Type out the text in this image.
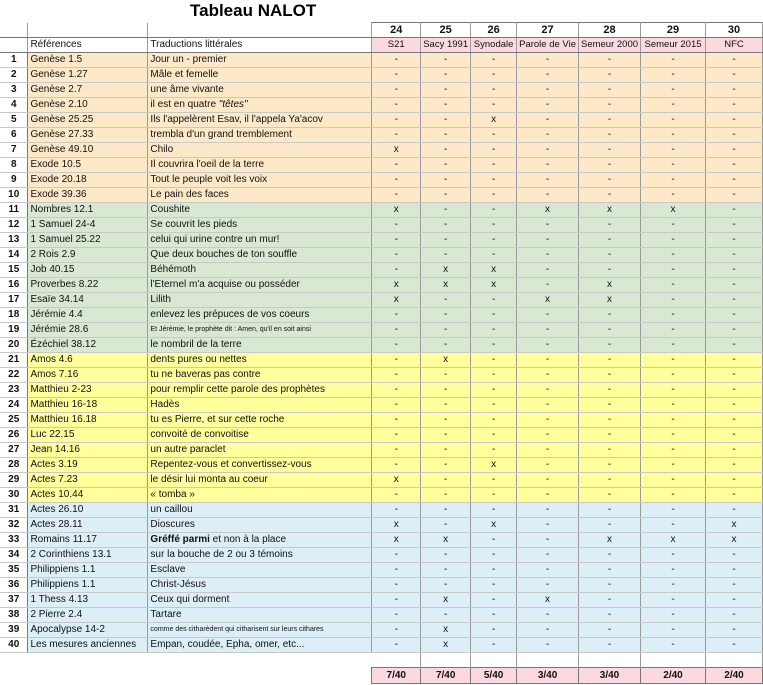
Tableau NALOT
			24	25	26	27	28	29	30
	Références	Traductions littérales	S21	Sacy 1991	Synodale	Parole de Vie	Semeur 2000	Semeur 2015	NFC
1	Genèse 1.5	Jour un - premier	-	-	-	-	-	-	-
2	Genèse 1.27	Mâle et femelle	-	-	-	-	-	-	-
3	Genèse 2.7	une âme vivante	-	-	-	-	-	-	-
4	Genèse 2.10	il est en quatre "têtes"	-	-	-	-	-	-	-
5	Genèse 25.25	Ils l'appelèrent Esav, il l'appela Ya'acov	-	-	x	-	-	-	-
6	Genèse 27.33	trembla d'un grand tremblement	-	-	-	-	-	-	-
7	Genèse 49.10	Chilo	x	-	-	-	-	-	-
8	Exode 10.5	Il couvrira l'oeil de la terre	-	-	-	-	-	-	-
9	Exode 20.18	Tout le peuple voit les voix	-	-	-	-	-	-	-
10	Exode 39.36	Le pain des faces	-	-	-	-	-	-	-
11	Nombres 12.1	Coushite	x	-	-	x	x	x	-
12	1 Samuel 24-4	Se couvrit les pieds	-	-	-	-	-	-	-
13	1 Samuel 25.22	celui qui urine contre un mur!	-	-	-	-	-	-	-
14	2 Rois 2.9	Que deux bouches de ton souffle	-	-	-	-	-	-	-
15	Job 40.15	Béhémoth	-	x	x	-	-	-	-
16	Proverbes 8.22	l'Eternel m'a acquise ou posséder	x	x	x	-	x	-	-
17	Esaïe 34.14	Lilith	x	-	-	x	x	-	-
18	Jérémie 4.4	enlevez les prépuces de vos coeurs	-	-	-	-	-	-	-
19	Jérémie 28.6	Et Jérémie, le prophète dit : Amen, qu'il en soit ainsi	-	-	-	-	-	-	-
20	Ézéchiel 38.12	le nombril de la terre	-	-	-	-	-	-	-
21	Amos 4.6	dents pures ou nettes	-	x	-	-	-	-	-
22	Amos 7.16	tu ne baveras pas contre	-	-	-	-	-	-	-
23	Matthieu 2-23	pour remplir cette parole des prophètes	-	-	-	-	-	-	-
24	Matthieu 16-18	Hadès	-	-	-	-	-	-	-
25	Matthieu 16.18	tu es Pierre, et sur cette roche	-	-	-	-	-	-	-
26	Luc 22.15	convoité de convoitise	-	-	-	-	-	-	-
27	Jean 14.16	un autre paraclet	-	-	-	-	-	-	-
28	Actes 3.19	Repentez-vous et convertissez-vous	-	-	x	-	-	-	-
29	Actes 7.23	le désir lui monta au coeur	x	-	-	-	-	-	-
30	Actes 10.44	« tomba »	-	-	-	-	-	-	-
31	Actes 26.10	un caillou	-	-	-	-	-	-	-
32	Actes 28.11	Dioscures	x	-	x	-	-	-	x
33	Romains 11.17	Gréffé parmi et non à la place	x	x	-	-	x	x	x
34	2 Corinthiens 13.1	sur la bouche de 2 ou 3 témoins	-	-	-	-	-	-	-
35	Philippiens 1.1	Esclave	-	-	-	-	-	-	-
36	Philippiens 1.1	Christ-Jésus	-	-	-	-	-	-	-
37	1 Thess 4.13	Ceux qui dorment	-	x	-	x	-	-	-
38	2 Pierre 2.4	Tartare	-	-	-	-	-	-	-
39	Apocalypse 14-2	comme des citharèdent qui citharisent sur leurs cithares	-	x	-	-	-	-	-
40	Les mesures anciennes	Empan, coudée, Epha, omer, etc...	-	x	-	-	-	-	-

			7/40	7/40	5/40	3/40	3/40	2/40	2/40
